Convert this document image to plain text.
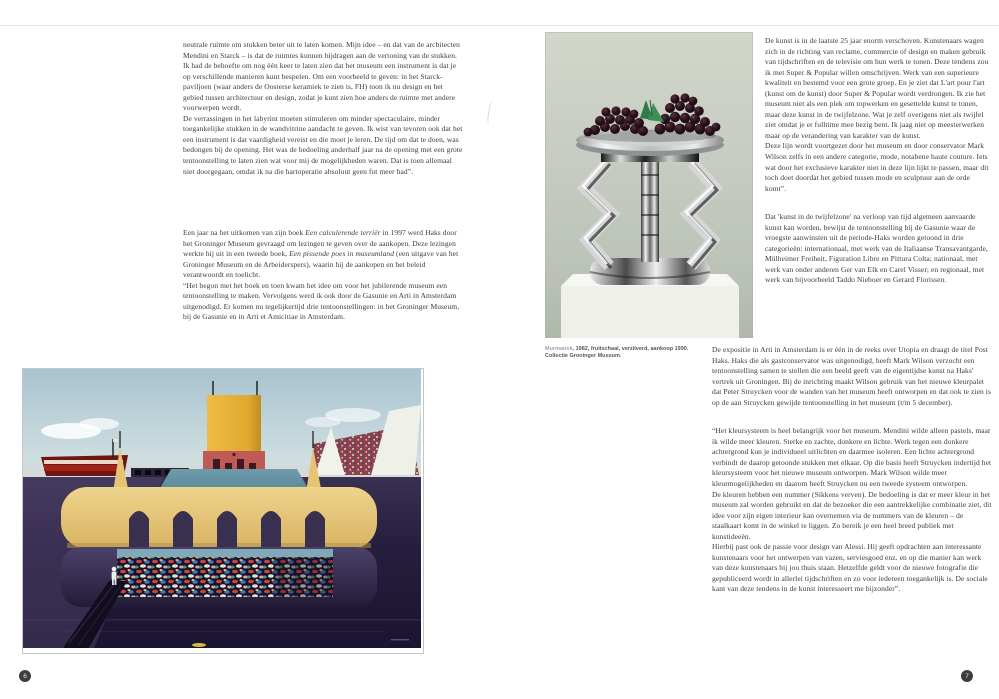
neutrale ruimte om stukken beter uit te laten komen. Mijn idee – en dat van de architecten Mendini en Starck – is dat de ruimtes kunnen bijdragen aan de vertoning van de stukken.

Ik had de behoefte om nog één keer te laten zien dat het museum een instrument is dat je op verschillende manieren kunt bespelen. Om een voorbeeld te geven: in het Starck-paviljoen (waar anders de Oosterse keramiek te zien is, FH) toon ik nu design en het gebied tussen architectuur en design, zodat je kunt zien hoe anders de ruimte met andere voorwerpen wordt.

De verrassingen in het labyrint moeten stimuleren om minder spectaculaire, minder toegankelijke stukken in de wandvitrine aandacht te geven. Ik wist van tevoren ook dat het een instrument is dat vaardigheid vereist en die moet je leren. De tijd om dat te doen, was bedongen bij de opening. Het was de bedoeling anderhalf jaar na de opening met een grote tentoonstelling te laten zien wat voor mij de mogelijkheden waren. Dat is toen allemaal niet doorgegaan, omdat ik na die hartoperatie absoluut geen fut meer had”.

Een jaar na het uitkomen van zijn boek Een calculerende terriër in 1997 werd Haks door het Groninger Museum gevraagd om lezingen te geven over de aankopen. Deze lezingen werkte hij uit in een tweede boek, Een pissende poes in museumland (een uitgave van het Groninger Museum en de Arbeiderspers), waarin hij de aankopen en het beleid verantwoordt en toelicht.

“Het begon met het boek en toen kwam het idee om voor het jubilerende museum een tentoonstelling te maken. Vervolgens werd ik ook door de Gasunie en Arti in Amsterdam uitgenodigd. Er komen nu tegelijkertijd drie tentoonstellingen: in het Groninger Museum, bij de Gasunie en in Arti et Amicitiae in Amsterdam.

6
Murmansk, 1982, fruitschaal, verzilverd, aankoop 1990.
Collectie Groninger Museum.

De kunst is in de laatste 25 jaar enorm verschoven. Kunstenaars wagen zich in de richting van reclame, commercie of design en maken gebruik van tijdschriften en de televisie om hun werk te tonen. Deze tendens zou ik met Super & Popular willen omschrijven. Werk van een superieure kwaliteit en bestemd voor een grote groep. En je ziet dat L'art pour l'art (kunst om de kunst) door Super & Popular wordt verdrongen. Ik zie het museum niet als een plek om topwerken en gesettelde kunst te tonen, maar deze kunst in de twijfelzone. Wat je zelf overigens niet als twijfel ziet omdat je er fulltime mee bezig bent. Ik jaag niet op meesterwerken maar op de verandering van karakter van de kunst.

Deze lijn wordt voortgezet door het museum en door conservator Mark Wilson zelfs in een andere categorie, mode, notabene haute couture. Iets wat door het exclusieve karakter niet in deze lijn lijkt te passen, maar dit toch doet doordat het gebied tussen mode en sculptuur aan de orde komt”.

Dat 'kunst in de twijfelzone' na verloop van tijd algemeen aanvaarde kunst kan worden, bewijst de tentoonstelling bij de Gasunie waar de vroegste aanwinsten uit de periode-Haks worden getoond in drie categorieën: internationaal, met werk van de Italiaanse Transavantgarde, Mülheimer Freiheit, Figuration Libre en Pittura Colta; nationaal, met werk van onder anderen Ger van Elk en Carel Visser; en regionaal, met werk van bijvoorbeeld Taddo Nieboer en Gerard Florissen.

De expositie in Arti in Amsterdam is er één in de reeks over Utopia en draagt de titel Post Haks. Haks die als gastconservator was uitgenodigd, heeft Mark Wilson verzocht een tentoonstelling samen te stellen die een beeld geeft van de eigentijdse kunst na Haks' vertrek uit Groningen. Bij de inrichting maakt Wilson gebruik van het nieuwe kleurpalet dat Peter Struycken voor de wanden van het museum heeft ontworpen en dat ook te zien is op de aan Struycken gewijde tentoonstelling in het museum (t/m 5 december).

“Het kleursysteem is heel belangrijk voor het museum. Mendini wilde alleen pastels, maar ik wilde meer kleuren. Sterke en zachte, donkere en lichte. Werk tegen een donkere achtergrond kun je individueel uitlichten en daarmee isoleren. Een lichte achtergrond verbindt de daarop getoonde stukken met elkaar. Op die basis heeft Struycken indertijd het kleursysteem voor het nieuwe museum ontworpen. Mark Wilson wilde meer kleurmogelijkheden en daarom heeft Struycken nu een tweede systeem ontworpen.

De kleuren hebben een nummer (Sikkens verven). De bedoeling is dat er meer kleur in het museum zal worden gebruikt en dat de bezoeker die een aantrekkelijke combinatie ziet, dit idee voor zijn eigen interieur kan overnemen via de nummers van de kleuren – de staalkaart komt in de winkel te liggen. Zo bereik je een heel breed publiek met kunstideeën.

Hierbij past ook de passie voor design van Alessi. Hij geeft opdrachten aan interessante kunstenaars voor het ontwerpen van vazen, serviesgoed enz. en op die manier kan werk van deze kunstenaars bij jou thuis staan. Hetzelfde geldt voor de nieuwe fotografie die gepubliceerd wordt in allerlei tijdschriften en zo voor iedereen toegankelijk is. De sociale kant van deze tendens in de kunst interesseert me bijzonder”.

7
